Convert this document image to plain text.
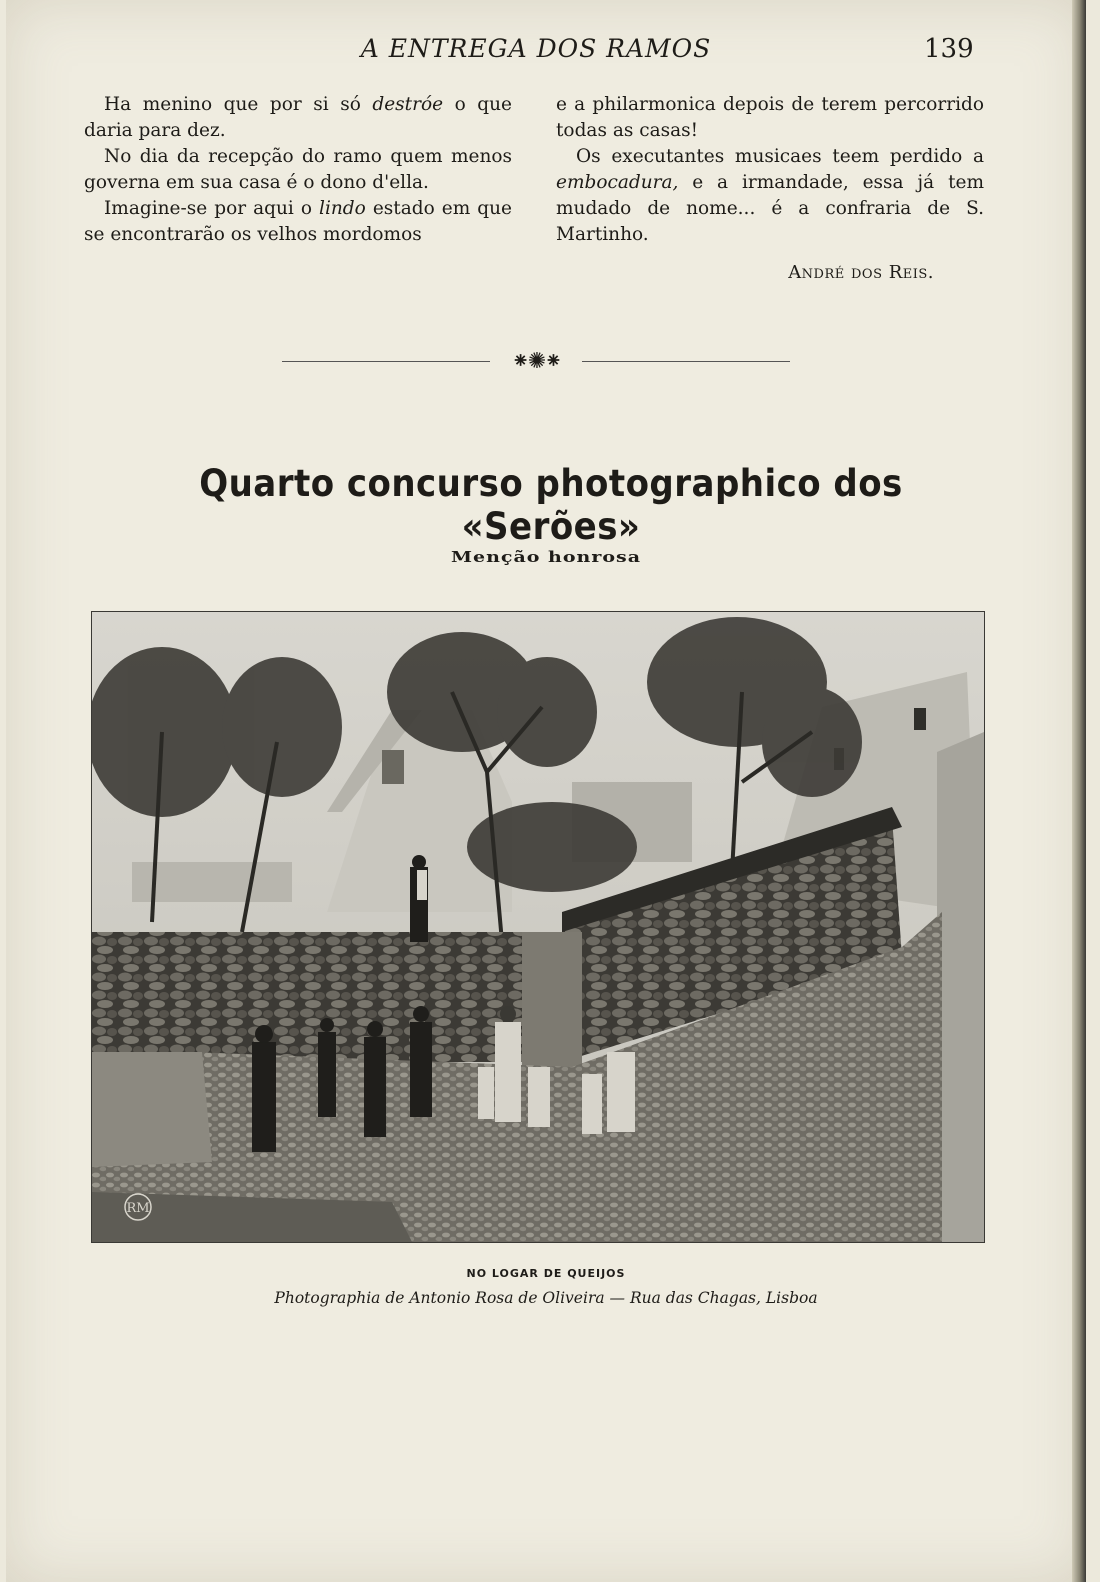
A ENTREGA DOS RAMOS	139

Ha menino que por si só destróe o que daria para dez.

No dia da recepção do ramo quem menos governa em sua casa é o dono d'ella.

Imagine-se por aqui o lindo estado em que se encontrarão os velhos mordomos

e a philarmonica depois de terem percorrido todas as casas!

Os executantes musicaes teem perdido a embocadura, e a irmandade, essa já tem mudado de nome... é a confraria de S. Martinho.

André dos Reis.
⁕✺⁕
Quarto concurso photographico dos «Serões»
Menção honrosa
RM
NO LOGAR DE QUEIJOS
Photographia de Antonio Rosa de Oliveira — Rua das Chagas, Lisboa
